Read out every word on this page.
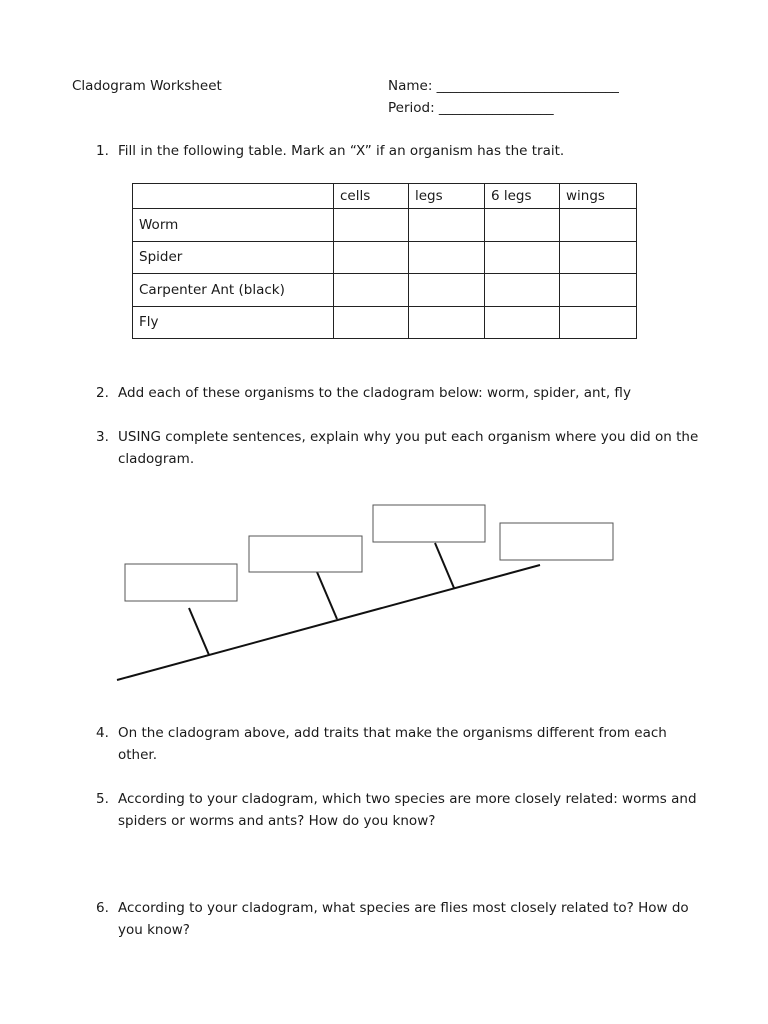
Cladogram Worksheet	Name: ___________________________
Period: _________________
1. Fill in the following table. Mark an “X” if an organism has the trait.
	cells	legs	6 legs	wings
Worm				
Spider				
Carpenter Ant (black)				
Fly				
2. Add each of these organisms to the cladogram below: worm, spider, ant, fly
3. USING complete sentences, explain why you put each organism where you did on the cladogram.
4. On the cladogram above, add traits that make the organisms different from each other.
5. According to your cladogram, which two species are more closely related: worms and spiders or worms and ants? How do you know?
6. According to your cladogram, what species are flies most closely related to? How do you know?
